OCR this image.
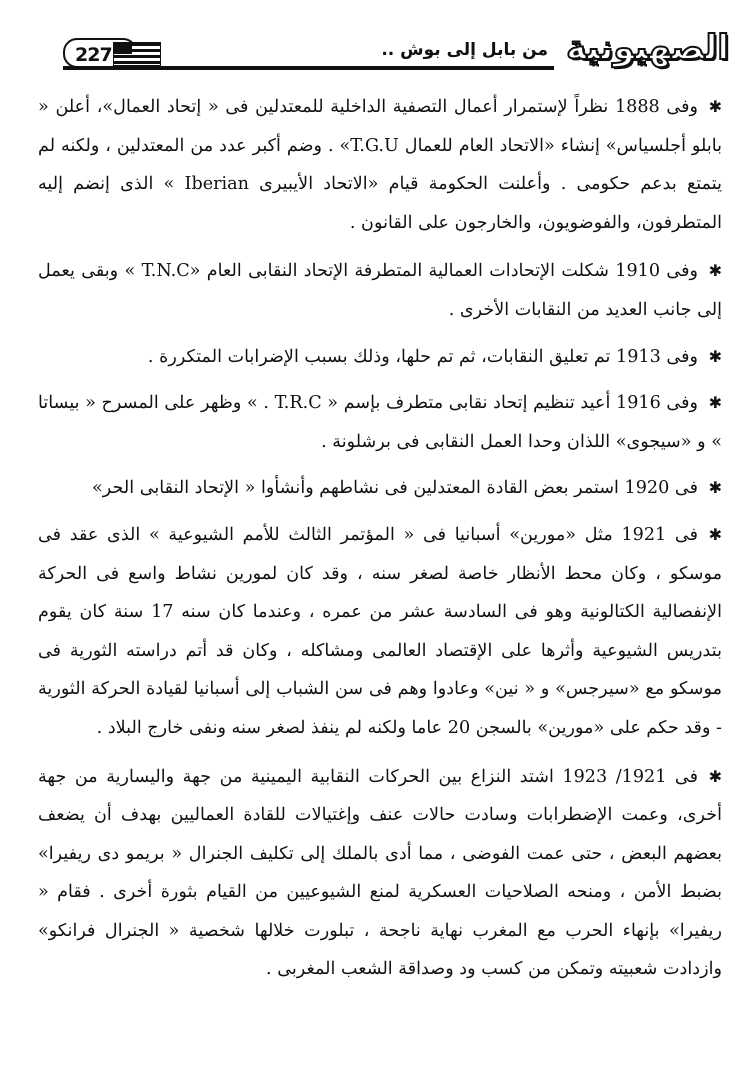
227	من بابل إلى بوش .. الصهيونية

✱وفى 1888 نظراً لإستمرار أعمال التصفية الداخلية للمعتدلين فى « إتحاد العمال»، أعلن « بابلو أجلسياس» إنشاء «الاتحاد العام للعمال T.G.U» . وضم أكبر عدد من المعتدلين ، ولكنه لم يتمتع بدعم حكومى . وأعلنت الحكومة قيام «الاتحاد الأيبيرى Iberian » الذى إنضم إليه المتطرفون، والفوضويون، والخارجون على القانون .

✱وفى 1910 شكلت الإتحادات العمالية المتطرفة الإتحاد النقابى العام «T.N.C » وبقى يعمل إلى جانب العديد من النقابات الأخرى .

✱وفى 1913 تم تعليق النقابات، ثم تم حلها، وذلك بسبب الإضرابات المتكررة .

✱وفى 1916 أعيد تنظيم إتحاد نقابى متطرف بإسم « T.R.C . » وظهر على المسرح « بيساتا » و «سيجوى» اللذان وحدا العمل النقابى فى برشلونة .

✱فى 1920 استمر بعض القادة المعتدلين فى نشاطهم وأنشأوا « الإتحاد النقابى الحر»

✱فى 1921 مثل «مورين» أسبانيا فى « المؤتمر الثالث للأمم الشيوعية » الذى عقد فى موسكو ، وكان محط الأنظار خاصة لصغر سنه ، وقد كان لمورين نشاط واسع فى الحركة الإنفصالية الكتالونية وهو فى السادسة عشر من عمره ، وعندما كان سنه 17 سنة كان يقوم بتدريس الشيوعية وأثرها على الإقتصاد العالمى ومشاكله ، وكان قد أتم دراسته الثورية فى موسكو مع «سيرجس» و « نين» وعادوا وهم فى سن الشباب إلى أسبانيا لقيادة الحركة الثورية - وقد حكم على «مورين» بالسجن 20 عاما ولكنه لم ينفذ لصغر سنه ونفى خارج البلاد .

✱فى 1921/ 1923 اشتد النزاع بين الحركات النقابية اليمينية من جهة واليسارية من جهة أخرى، وعمت الإضطرابات وسادت حالات عنف وإغتيالات للقادة العماليين بهدف أن يضعف بعضهم البعض ، حتى عمت الفوضى ، مما أدى بالملك إلى تكليف الجنرال « بريمو دى ريفيرا» بضبط الأمن ، ومنحه الصلاحيات العسكرية لمنع الشيوعيين من القيام بثورة أخرى . فقام « ريفيرا» بإنهاء الحرب مع المغرب نهاية ناجحة ، تبلورت خلالها شخصية « الجنرال فرانكو» وازدادت شعبيته وتمكن من كسب ود وصداقة الشعب المغربى .
